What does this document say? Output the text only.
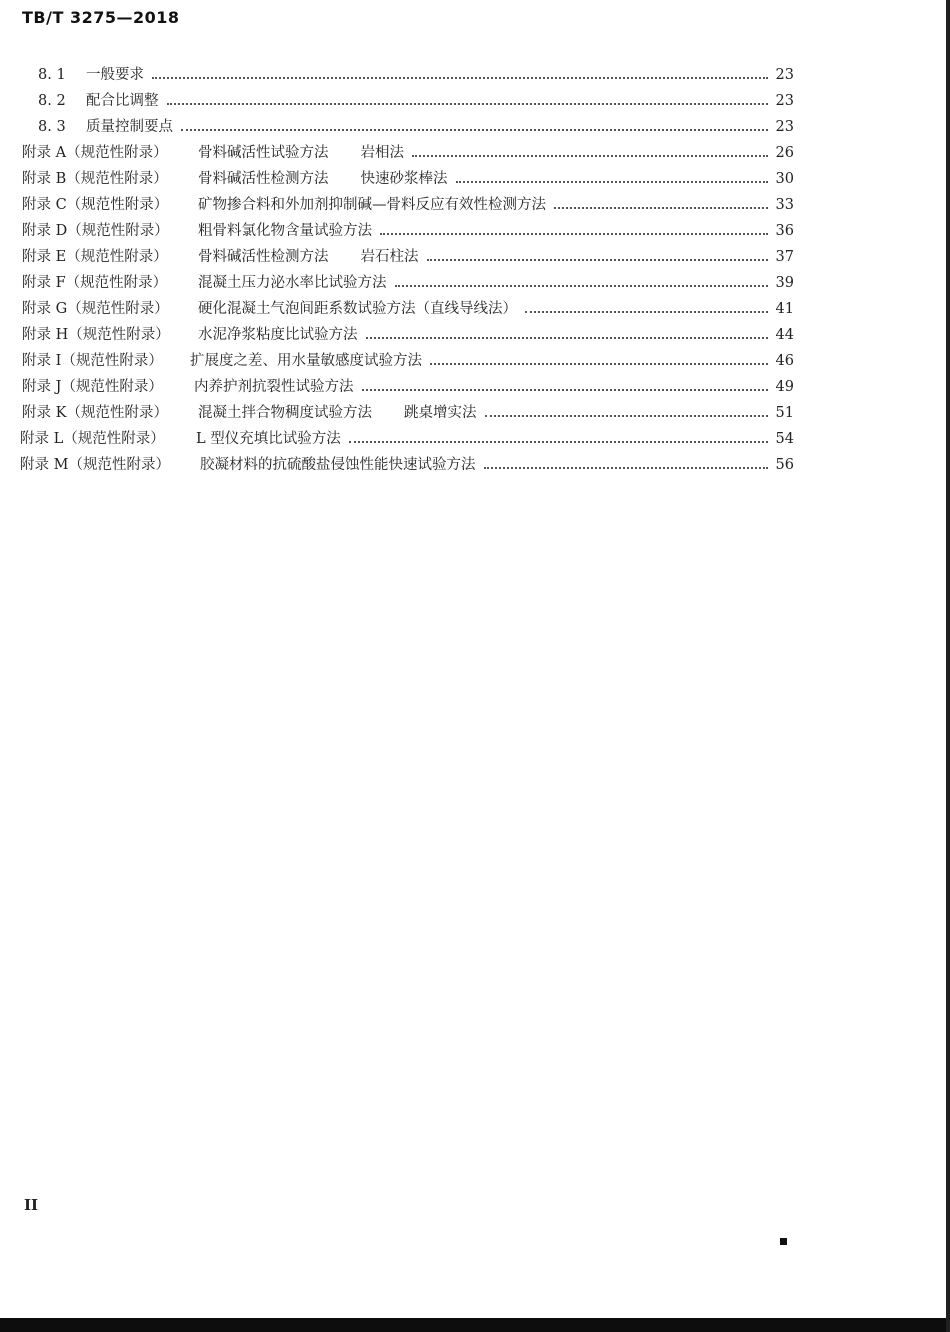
TB/T 3275—2018
8. 1	一般要求	23
8. 2	配合比调整	23
8. 3	质量控制要点	23
附录 A（规范性附录）	骨料碱活性试验方法 岩相法	26
附录 B（规范性附录）	骨料碱活性检测方法 快速砂浆棒法	30
附录 C（规范性附录）	矿物掺合料和外加剂抑制碱—骨料反应有效性检测方法	33
附录 D（规范性附录）	粗骨料氯化物含量试验方法	36
附录 E（规范性附录）	骨料碱活性检测方法 岩石柱法	37
附录 F（规范性附录）	混凝土压力泌水率比试验方法	39
附录 G（规范性附录）	硬化混凝土气泡间距系数试验方法（直线导线法）	41
附录 H（规范性附录）	水泥净浆粘度比试验方法	44
附录 I（规范性附录）	扩展度之差、用水量敏感度试验方法	46
附录 J（规范性附录）	内养护剂抗裂性试验方法	49
附录 K（规范性附录）	混凝土拌合物稠度试验方法 跳桌增实法	51
附录 L（规范性附录）	L 型仪充填比试验方法	54
附录 M（规范性附录）	胶凝材料的抗硫酸盐侵蚀性能快速试验方法	56
II
